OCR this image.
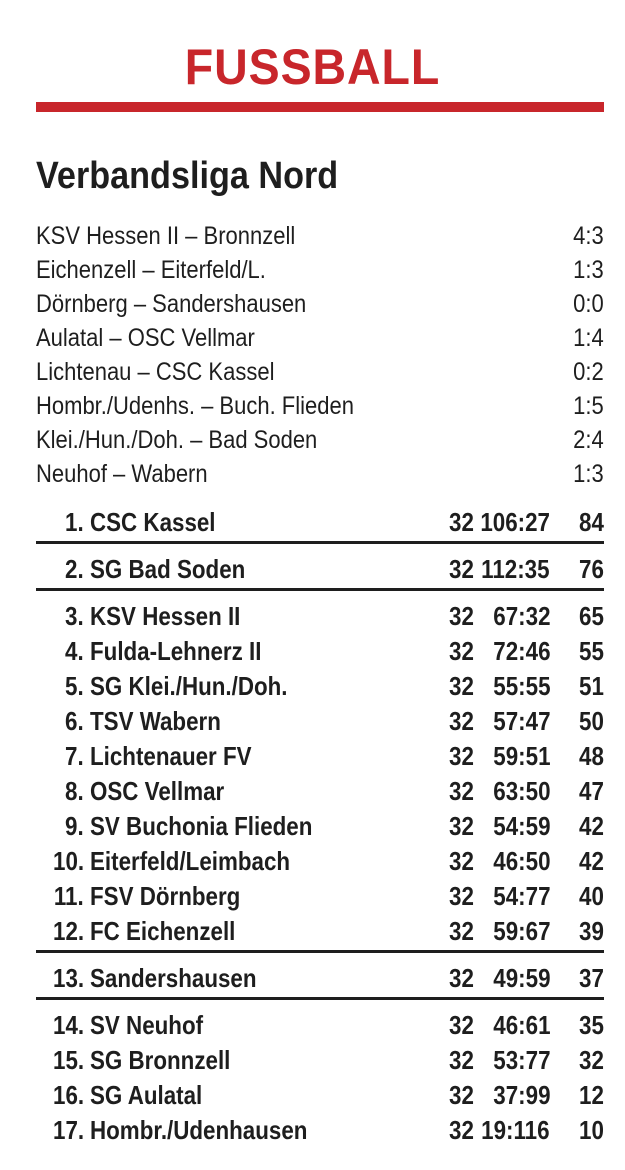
FUSSBALL
Verbandsliga Nord
KSV Hessen II – Bronnzell	4:3
Eichenzell – Eiterfeld/L.	1:3
Dörnberg – Sandershausen	0:0
Aulatal – OSC Vellmar	1:4
Lichtenau – CSC Kassel	0:2
Hombr./Udenhs. – Buch. Flieden	1:5
Klei./Hun./Doh. – Bad Soden	2:4
Neuhof – Wabern	1:3
1. CSC Kassel	32 106:27 84
2. SG Bad Soden	32 112:35 76
3. KSV Hessen II	32 67:32 65
4. Fulda-Lehnerz II	32 72:46 55
5. SG Klei./Hun./Doh.	32 55:55 51
6. TSV Wabern	32 57:47 50
7. Lichtenauer FV	32 59:51 48
8. OSC Vellmar	32 63:50 47
9. SV Buchonia Flieden	32 54:59 42
10. Eiterfeld/Leimbach	32 46:50 42
11. FSV Dörnberg	32 54:77 40
12. FC Eichenzell	32 59:67 39
13. Sandershausen	32 49:59 37
14. SV Neuhof	32 46:61 35
15. SG Bronnzell	32 53:77 32
16. SG Aulatal	32 37:99 12
17. Hombr./Udenhausen	32 19:116 10
